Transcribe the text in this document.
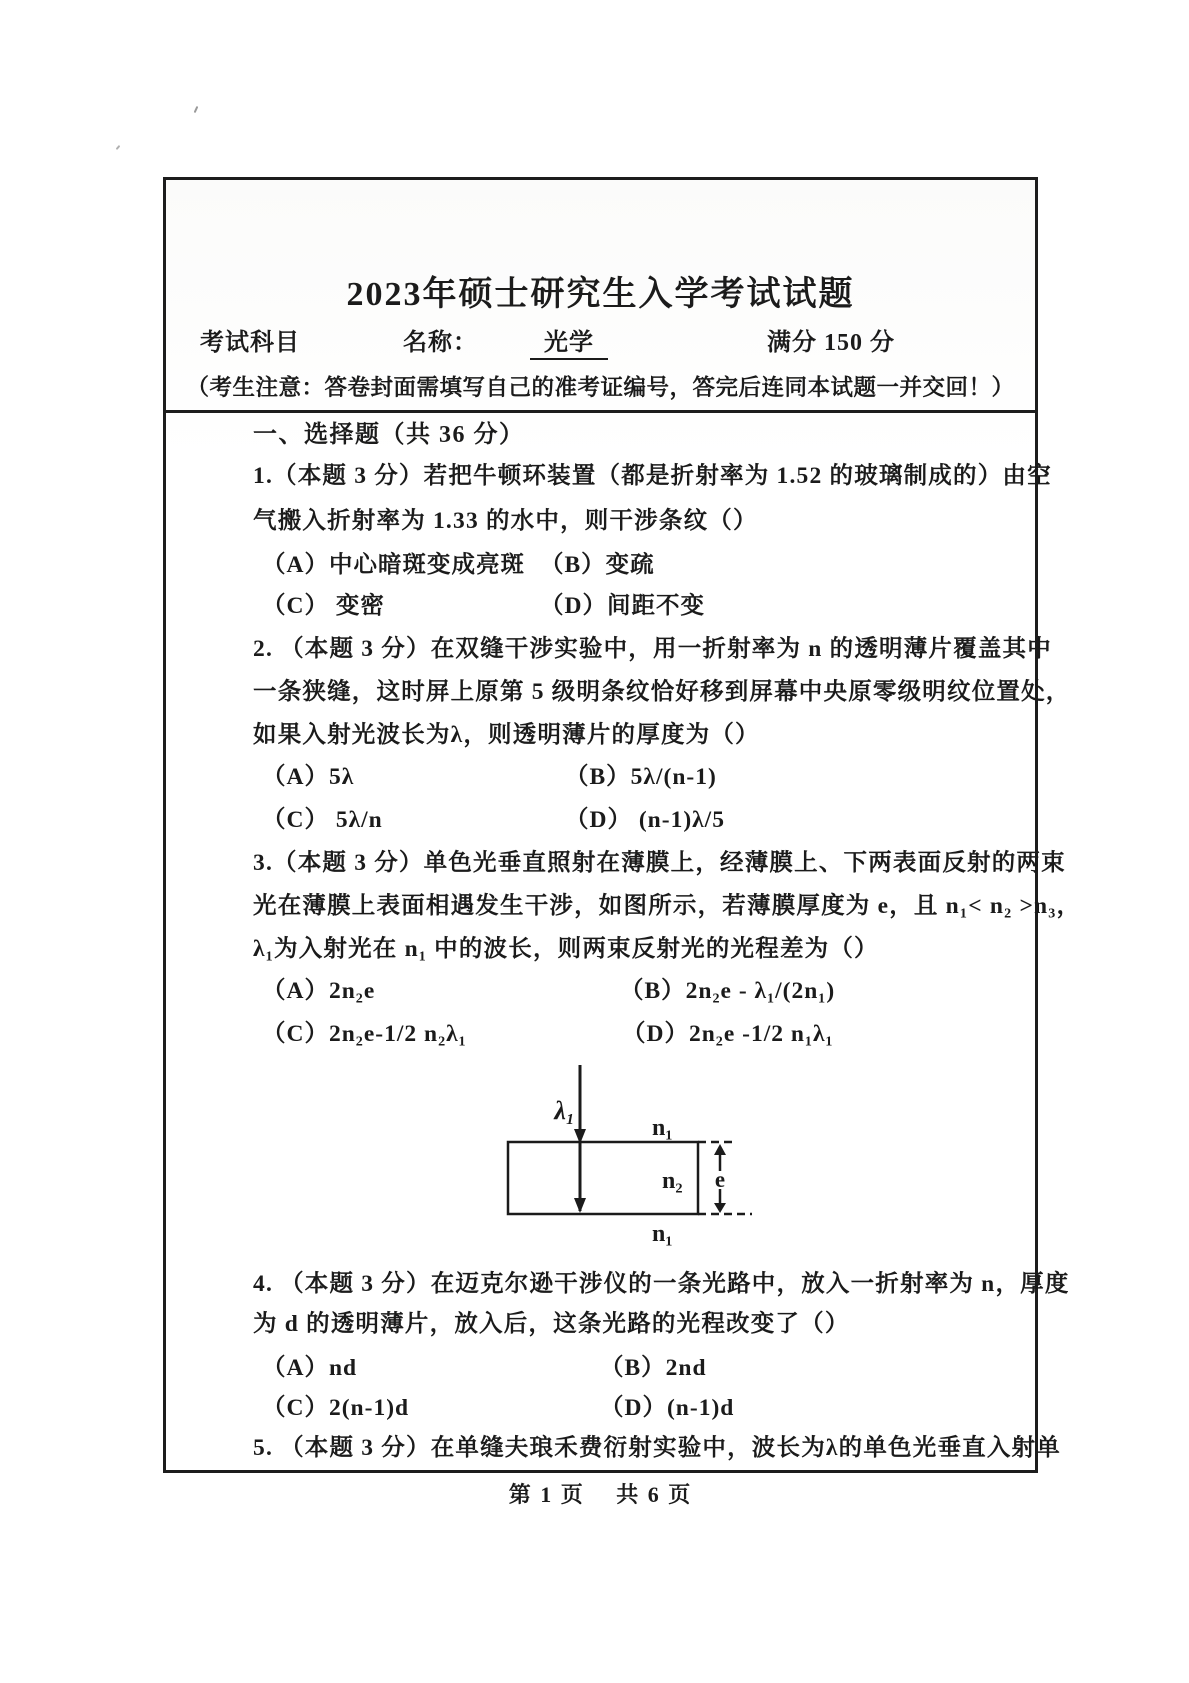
2023年硕士研究生入学考试试题
考试科目	名称：	光学	满分 150 分
（考生注意：答卷封面需填写自己的准考证编号，答完后连同本试题一并交回！）
一、选择题（共 36 分）
1.（本题 3 分）若把牛顿环装置（都是折射率为 1.52 的玻璃制成的）由空
气搬入折射率为 1.33 的水中，则干涉条纹（）
（A）中心暗斑变成亮斑 （B）变疏
（C） 变密	（D）间距不变
2. （本题 3 分）在双缝干涉实验中，用一折射率为 n 的透明薄片覆盖其中
一条狭缝，这时屏上原第 5 级明条纹恰好移到屏幕中央原零级明纹位置处，
如果入射光波长为λ，则透明薄片的厚度为（）
（A）5λ	（B）5λ/(n-1)
（C） 5λ/n	（D） (n-1)λ/5
3.（本题 3 分）单色光垂直照射在薄膜上，经薄膜上、下两表面反射的两束
光在薄膜上表面相遇发生干涉，如图所示，若薄膜厚度为 e，且 n₁< n₂ >n₃，
λ₁为入射光在 n₁ 中的波长，则两束反射光的光程差为（）
（A）2n₂e	（B）2n₂e - λ₁/(2n₁)
（C）2n₂e-1/2 n₂λ₁	（D）2n₂e -1/2 n₁λ₁
λ₁
n₁
n₂
n₁
e
4. （本题 3 分）在迈克尔逊干涉仪的一条光路中，放入一折射率为 n，厚度
为 d 的透明薄片，放入后，这条光路的光程改变了（）
（A）nd	（B）2nd
（C）2(n-1)d	（D）(n-1)d
5. （本题 3 分）在单缝夫琅禾费衍射实验中，波长为λ的单色光垂直入射单
第 1 页　 共 6 页
